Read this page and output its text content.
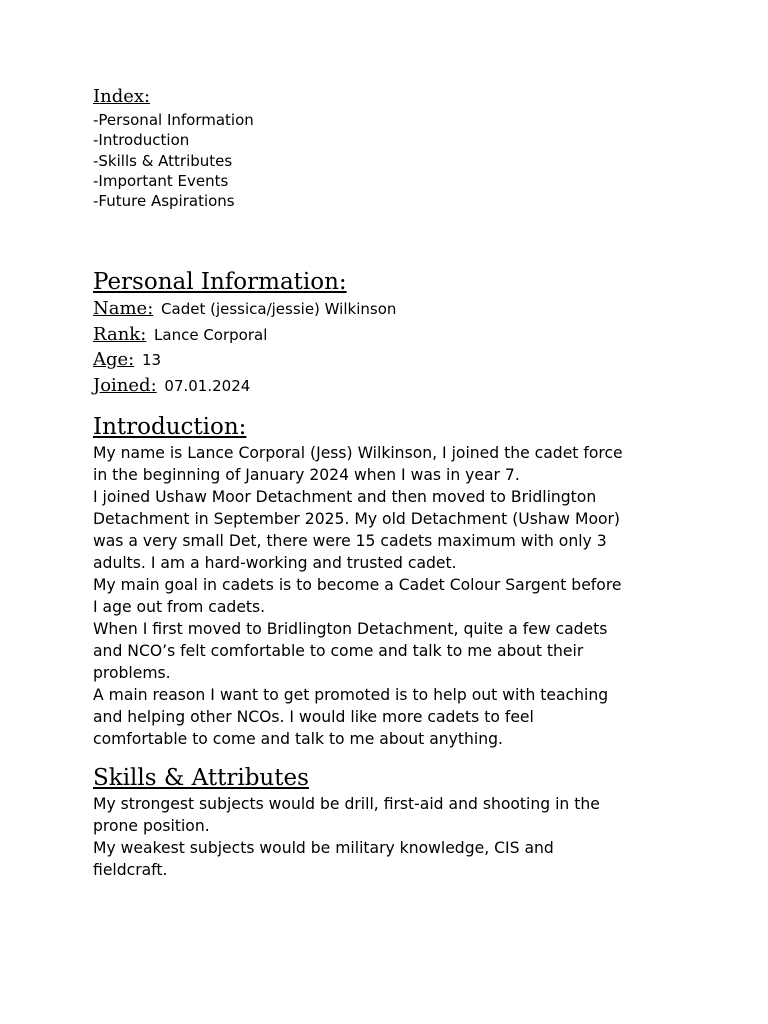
Index:
-Personal Information
-Introduction
-Skills & Attributes
-Important Events
-Future Aspirations
Personal Information:
Name: Cadet (jessica/jessie) Wilkinson
Rank: Lance Corporal
Age: 13
Joined: 07.01.2024
Introduction:
My name is Lance Corporal (Jess) Wilkinson, I joined the cadet force
in the beginning of January 2024 when I was in year 7.
I joined Ushaw Moor Detachment and then moved to Bridlington
Detachment in September 2025. My old Detachment (Ushaw Moor)
was a very small Det, there were 15 cadets maximum with only 3
adults. I am a hard-working and trusted cadet.
My main goal in cadets is to become a Cadet Colour Sargent before
I age out from cadets.
When I first moved to Bridlington Detachment, quite a few cadets
and NCO’s felt comfortable to come and talk to me about their
problems.
A main reason I want to get promoted is to help out with teaching
and helping other NCOs. I would like more cadets to feel
comfortable to come and talk to me about anything.
Skills & Attributes
My strongest subjects would be drill, first-aid and shooting in the
prone position.
My weakest subjects would be military knowledge, CIS and
fieldcraft.
